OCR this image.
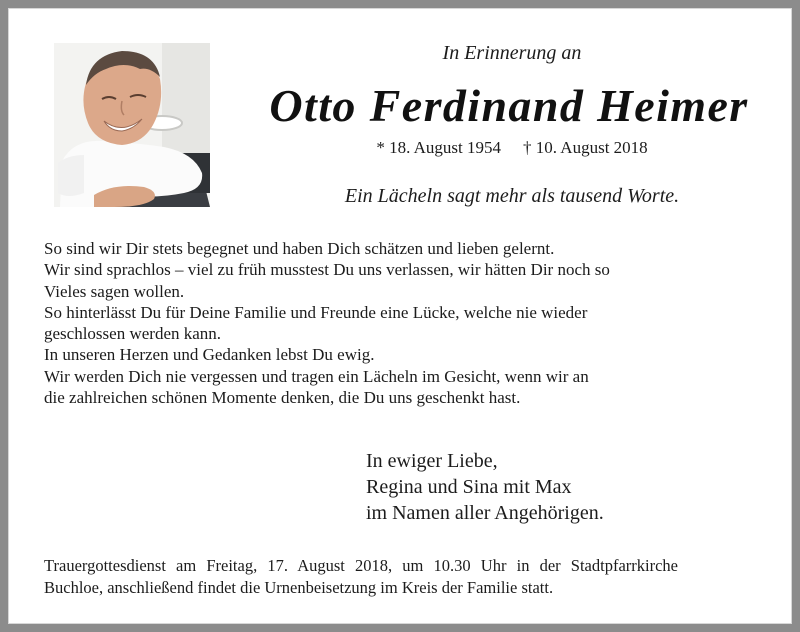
In Erinnerung an
Otto Ferdinand Heimer
* 18. August 1954 † 10. August 2018
Ein Lächeln sagt mehr als tausend Worte.
So sind wir Dir stets begegnet und haben Dich schätzen und lieben gelernt.
Wir sind sprachlos – viel zu früh musstest Du uns verlassen, wir hätten Dir noch so
Vieles sagen wollen.
So hinterlässt Du für Deine Familie und Freunde eine Lücke, welche nie wieder
geschlossen werden kann.
In unseren Herzen und Gedanken lebst Du ewig.
Wir werden Dich nie vergessen und tragen ein Lächeln im Gesicht, wenn wir an
die zahlreichen schönen Momente denken, die Du uns geschenkt hast.
In ewiger Liebe,
Regina und Sina mit Max
im Namen aller Angehörigen.
Trauergottesdienst am Freitag, 17. August 2018, um 10.30 Uhr in der Stadtpfarrkirche
Buchloe, anschließend findet die Urnenbeisetzung im Kreis der Familie statt.
